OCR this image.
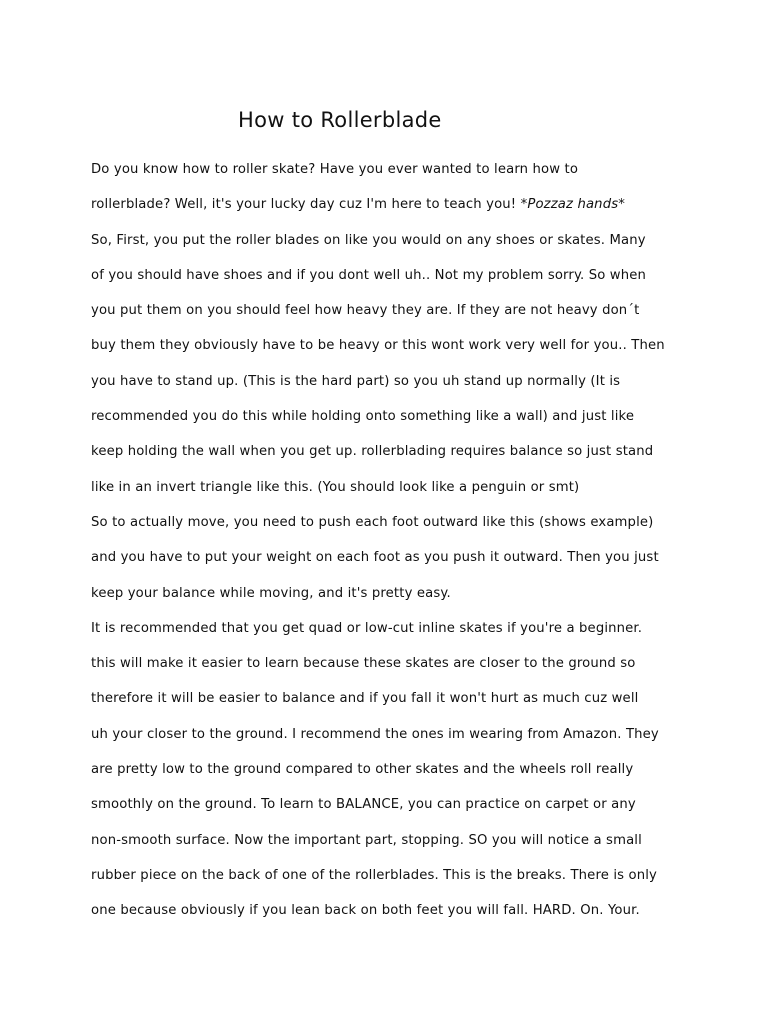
How to Rollerblade

Do you know how to roller skate? Have you ever wanted to learn how to

rollerblade? Well, it's your lucky day cuz I'm here to teach you! *Pozzaz hands*

So, First, you put the roller blades on like you would on any shoes or skates. Many

of you should have shoes and if you dont well uh.. Not my problem sorry. So when

you put them on you should feel how heavy they are. If they are not heavy don´t

buy them they obviously have to be heavy or this wont work very well for you.. Then

you have to stand up. (This is the hard part) so you uh stand up normally (It is

recommended you do this while holding onto something like a wall) and just like

keep holding the wall when you get up. rollerblading requires balance so just stand

like in an invert triangle like this. (You should look like a penguin or smt)

So to actually move, you need to push each foot outward like this (shows example)

and you have to put your weight on each foot as you push it outward. Then you just

keep your balance while moving, and it's pretty easy.

It is recommended that you get quad or low-cut inline skates if you're a beginner.

this will make it easier to learn because these skates are closer to the ground so

therefore it will be easier to balance and if you fall it won't hurt as much cuz well

uh your closer to the ground. I recommend the ones im wearing from Amazon. They

are pretty low to the ground compared to other skates and the wheels roll really

smoothly on the ground. To learn to BALANCE, you can practice on carpet or any

non-smooth surface. Now the important part, stopping. SO you will notice a small

rubber piece on the back of one of the rollerblades. This is the breaks. There is only

one because obviously if you lean back on both feet you will fall. HARD. On. Your.
